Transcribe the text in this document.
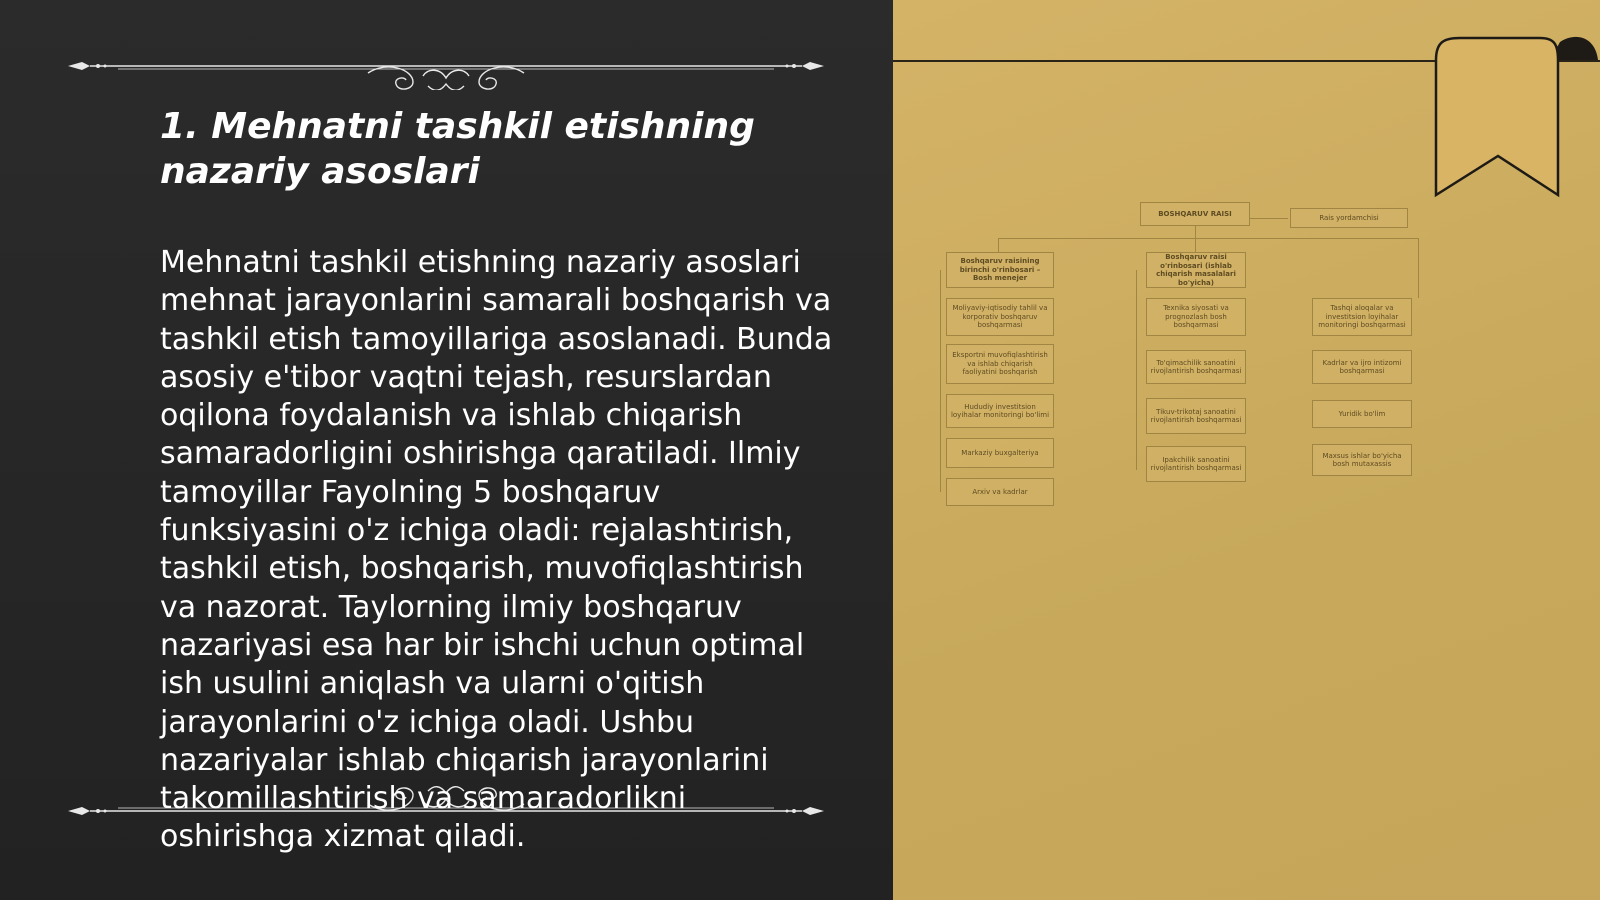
1. Mehnatni tashkil etishning nazariy asoslari

Mehnatni tashkil etishning nazariy asoslari mehnat jarayonlarini samarali boshqarish va tashkil etish tamoyillariga asoslanadi. Bunda asosiy e'tibor vaqtni tejash, resurslardan oqilona foydalanish va ishlab chiqarish samaradorligini oshirishga qaratiladi. Ilmiy tamoyillar Fayolning 5 boshqaruv funksiyasini o'z ichiga oladi: rejalashtirish, tashkil etish, boshqarish, muvofiqlashtirish va nazorat. Taylorning ilmiy boshqaruv nazariyasi esa har bir ishchi uchun optimal ish usulini aniqlash va ularni o'qitish jarayonlarini o'z ichiga oladi. Ushbu nazariyalar ishlab chiqarish jarayonlarini takomillashtirish va samaradorlikni oshirishga xizmat qiladi.

BOSHQARUV RAISI	Rais yordamchisi
Boshqaruv raisining birinchi o'rinbosari – Bosh menejer
Moliyaviy-iqtisodiy tahlil va korporativ boshqaruv boshqarmasi
Eksportni muvofiqlashtirish va ishlab chiqarish faoliyatini boshqarish
Hududiy investitsion loyihalar monitoringi bo'limi
Markaziy buxgalteriya
Arxiv va kadrlar
Boshqaruv raisi o'rinbosari (ishlab chiqarish masalalari bo'yicha)
Texnika siyosati va prognozlash bosh boshqarmasi
To'qimachilik sanoatini rivojlantirish boshqarmasi
Tikuv-trikotaj sanoatini rivojlantirish boshqarmasi
Ipakchilik sanoatini rivojlantirish boshqarmasi
Tashqi aloqalar va investitsion loyihalar monitoringi boshqarmasi
Kadrlar va ijro intizomi boshqarmasi
Yuridik bo'lim
Maxsus ishlar bo'yicha bosh mutaxassis
